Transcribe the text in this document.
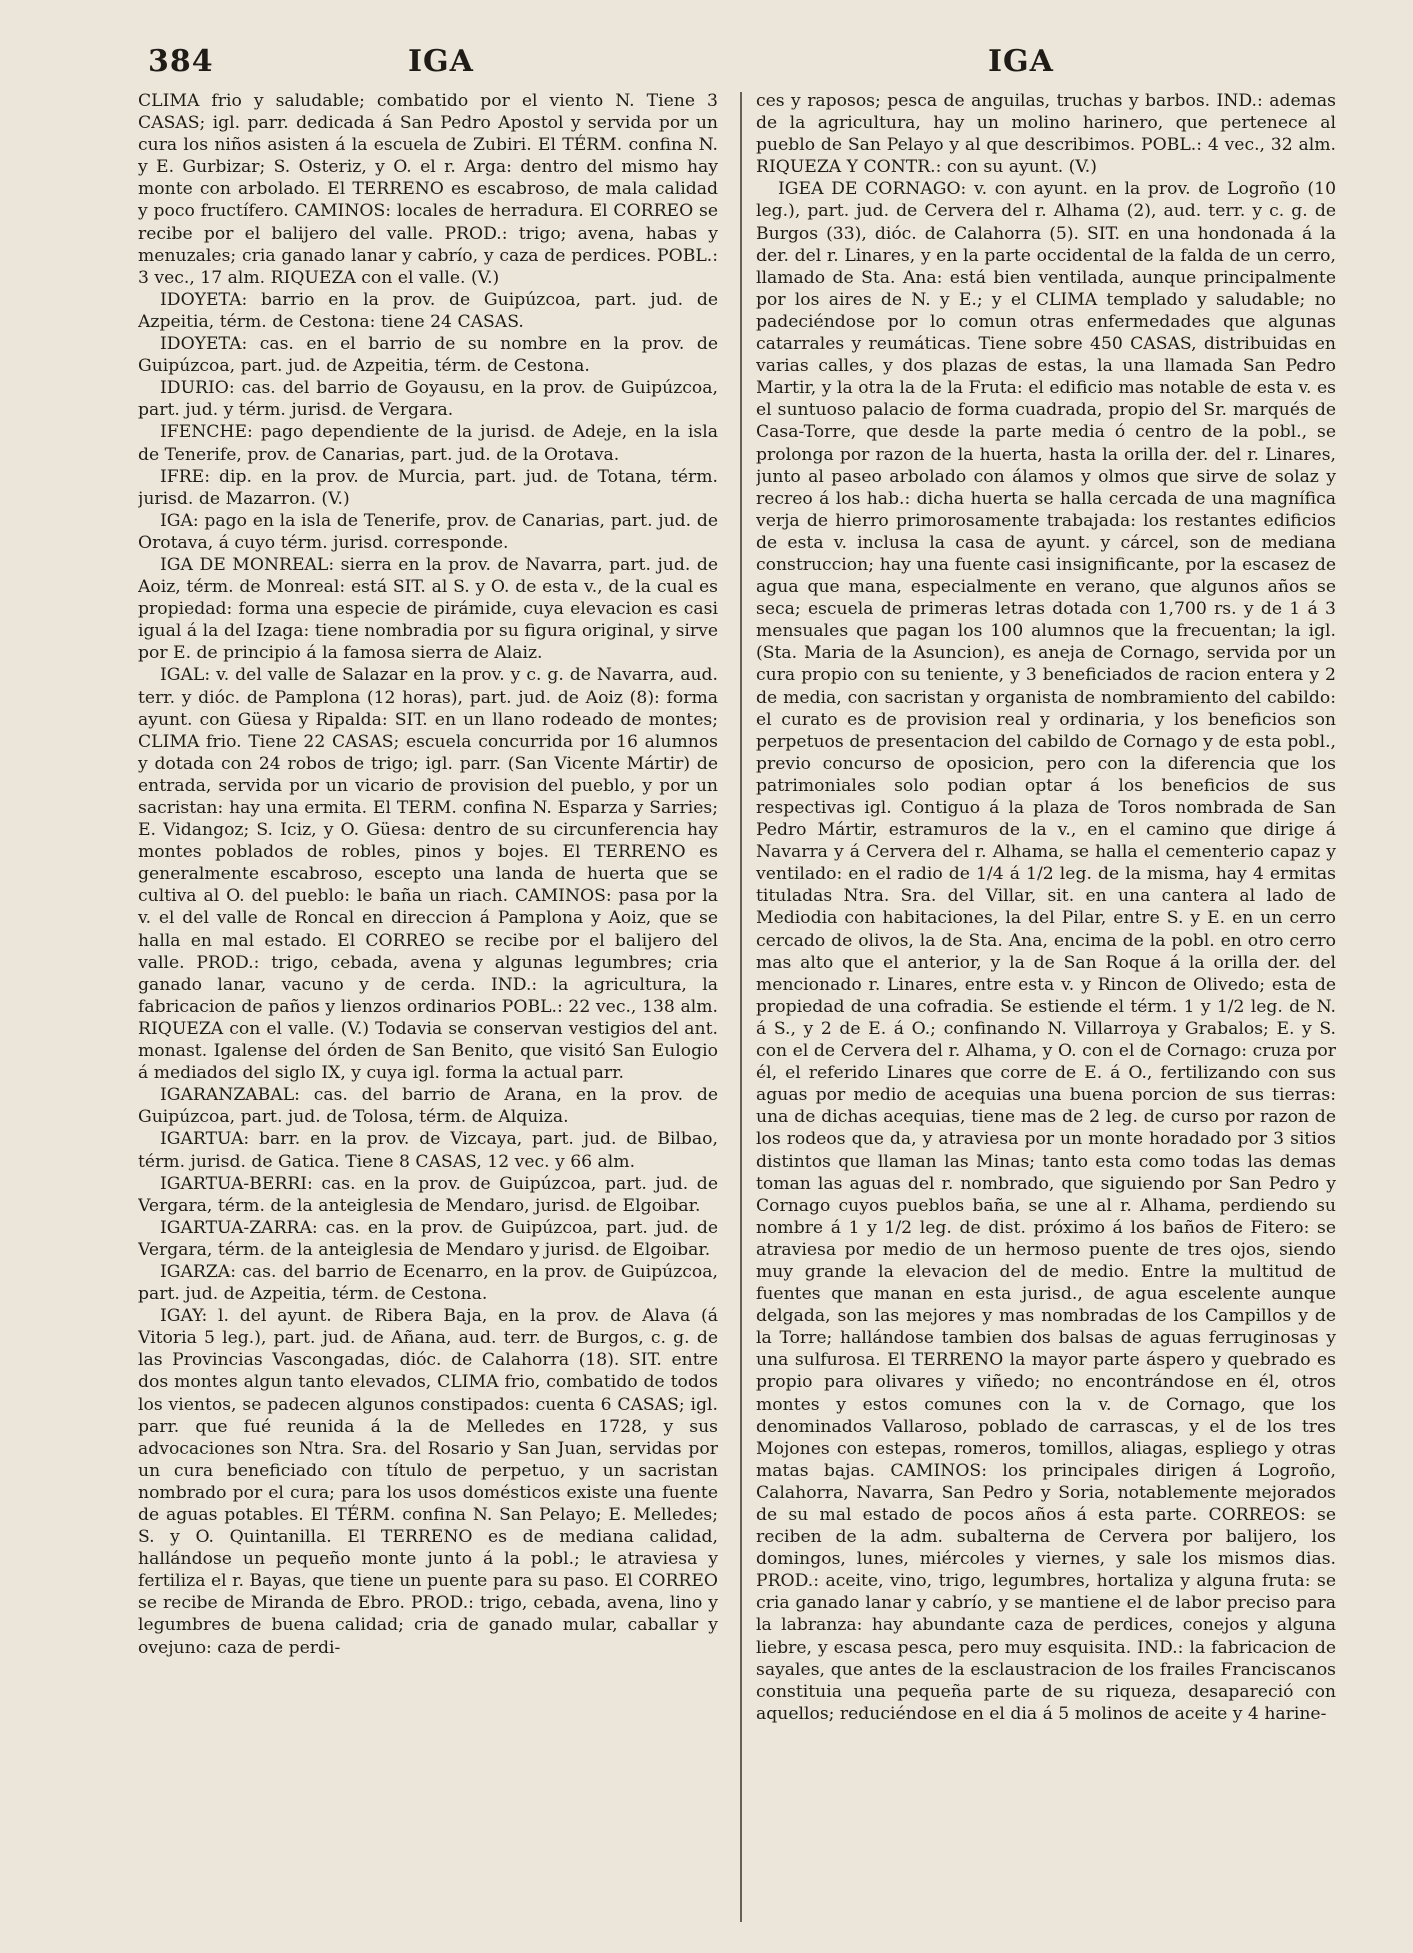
384	IGA	IGA

CLIMA frio y saludable; combatido por el viento N. Tiene 3 CASAS; igl. parr. dedicada á San Pedro Apostol y servida por un cura los niños asisten á la escuela de Zubiri. El TÉRM. confina N. y E. Gurbizar; S. Osteriz, y O. el r. Arga: dentro del mismo hay monte con arbolado. El TERRENO es escabroso, de mala calidad y poco fructífero. CAMINOS: locales de herradura. El CORREO se recibe por el balijero del valle. PROD.: trigo; avena, habas y menuzales; cria ganado lanar y cabrío, y caza de perdices. POBL.: 3 vec., 17 alm. RIQUEZA con el valle. (V.)

IDOYETA: barrio en la prov. de Guipúzcoa, part. jud. de Azpeitia, térm. de Cestona: tiene 24 CASAS.

IDOYETA: cas. en el barrio de su nombre en la prov. de Guipúzcoa, part. jud. de Azpeitia, térm. de Cestona.

IDURIO: cas. del barrio de Goyausu, en la prov. de Guipúzcoa, part. jud. y térm. jurisd. de Vergara.

IFENCHE: pago dependiente de la jurisd. de Adeje, en la isla de Tenerife, prov. de Canarias, part. jud. de la Orotava.

IFRE: dip. en la prov. de Murcia, part. jud. de Totana, térm. jurisd. de Mazarron. (V.)

IGA: pago en la isla de Tenerife, prov. de Canarias, part. jud. de Orotava, á cuyo térm. jurisd. corresponde.

IGA DE MONREAL: sierra en la prov. de Navarra, part. jud. de Aoiz, térm. de Monreal: está SIT. al S. y O. de esta v., de la cual es propiedad: forma una especie de pirámide, cuya elevacion es casi igual á la del Izaga: tiene nombradia por su figura original, y sirve por E. de principio á la famosa sierra de Alaiz.

IGAL: v. del valle de Salazar en la prov. y c. g. de Navarra, aud. terr. y dióc. de Pamplona (12 horas), part. jud. de Aoiz (8): forma ayunt. con Güesa y Ripalda: SIT. en un llano rodeado de montes; CLIMA frio. Tiene 22 CASAS; escuela concurrida por 16 alumnos y dotada con 24 robos de trigo; igl. parr. (San Vicente Mártir) de entrada, servida por un vicario de provision del pueblo, y por un sacristan: hay una ermita. El TERM. confina N. Esparza y Sarries; E. Vidangoz; S. Iciz, y O. Güesa: dentro de su circunferencia hay montes poblados de robles, pinos y bojes. El TERRENO es generalmente escabroso, escepto una landa de huerta que se cultiva al O. del pueblo: le baña un riach. CAMINOS: pasa por la v. el del valle de Roncal en direccion á Pamplona y Aoiz, que se halla en mal estado. El CORREO se recibe por el balijero del valle. PROD.: trigo, cebada, avena y algunas legumbres; cria ganado lanar, vacuno y de cerda. IND.: la agricultura, la fabricacion de paños y lienzos ordinarios POBL.: 22 vec., 138 alm. RIQUEZA con el valle. (V.) Todavia se conservan vestigios del ant. monast. Igalense del órden de San Benito, que visitó San Eulogio á mediados del siglo IX, y cuya igl. forma la actual parr.

IGARANZABAL: cas. del barrio de Arana, en la prov. de Guipúzcoa, part. jud. de Tolosa, térm. de Alquiza.

IGARTUA: barr. en la prov. de Vizcaya, part. jud. de Bilbao, térm. jurisd. de Gatica. Tiene 8 CASAS, 12 vec. y 66 alm.

IGARTUA-BERRI: cas. en la prov. de Guipúzcoa, part. jud. de Vergara, térm. de la anteiglesia de Mendaro, jurisd. de Elgoibar.

IGARTUA-ZARRA: cas. en la prov. de Guipúzcoa, part. jud. de Vergara, térm. de la anteiglesia de Mendaro y jurisd. de Elgoibar.

IGARZA: cas. del barrio de Ecenarro, en la prov. de Guipúzcoa, part. jud. de Azpeitia, térm. de Cestona.

IGAY: l. del ayunt. de Ribera Baja, en la prov. de Alava (á Vitoria 5 leg.), part. jud. de Añana, aud. terr. de Burgos, c. g. de las Provincias Vascongadas, dióc. de Calahorra (18). SIT. entre dos montes algun tanto elevados, CLIMA frio, combatido de todos los vientos, se padecen algunos constipados: cuenta 6 CASAS; igl. parr. que fué reunida á la de Melledes en 1728, y sus advocaciones son Ntra. Sra. del Rosario y San Juan, servidas por un cura beneficiado con título de perpetuo, y un sacristan nombrado por el cura; para los usos domésticos existe una fuente de aguas potables. El TÉRM. confina N. San Pelayo; E. Melledes; S. y O. Quintanilla. El TERRENO es de mediana calidad, hallándose un pequeño monte junto á la pobl.; le atraviesa y fertiliza el r. Bayas, que tiene un puente para su paso. El CORREO se recibe de Miranda de Ebro. PROD.: trigo, cebada, avena, lino y legumbres de buena calidad; cria de ganado mular, caballar y ovejuno: caza de perdi-

ces y raposos; pesca de anguilas, truchas y barbos. IND.: ademas de la agricultura, hay un molino harinero, que pertenece al pueblo de San Pelayo y al que describimos. POBL.: 4 vec., 32 alm. RIQUEZA Y CONTR.: con su ayunt. (V.)

IGEA DE CORNAGO: v. con ayunt. en la prov. de Logroño (10 leg.), part. jud. de Cervera del r. Alhama (2), aud. terr. y c. g. de Burgos (33), dióc. de Calahorra (5). SIT. en una hondonada á la der. del r. Linares, y en la parte occidental de la falda de un cerro, llamado de Sta. Ana: está bien ventilada, aunque principalmente por los aires de N. y E.; y el CLIMA templado y saludable; no padeciéndose por lo comun otras enfermedades que algunas catarrales y reumáticas. Tiene sobre 450 CASAS, distribuidas en varias calles, y dos plazas de estas, la una llamada San Pedro Martir, y la otra la de la Fruta: el edificio mas notable de esta v. es el suntuoso palacio de forma cuadrada, propio del Sr. marqués de Casa-Torre, que desde la parte media ó centro de la pobl., se prolonga por razon de la huerta, hasta la orilla der. del r. Linares, junto al paseo arbolado con álamos y olmos que sirve de solaz y recreo á los hab.: dicha huerta se halla cercada de una magnífica verja de hierro primorosamente trabajada: los restantes edificios de esta v. inclusa la casa de ayunt. y cárcel, son de mediana construccion; hay una fuente casi insignificante, por la escasez de agua que mana, especialmente en verano, que algunos años se seca; escuela de primeras letras dotada con 1,700 rs. y de 1 á 3 mensuales que pagan los 100 alumnos que la frecuentan; la igl. (Sta. Maria de la Asuncion), es aneja de Cornago, servida por un cura propio con su teniente, y 3 beneficiados de racion entera y 2 de media, con sacristan y organista de nombramiento del cabildo: el curato es de provision real y ordinaria, y los beneficios son perpetuos de presentacion del cabildo de Cornago y de esta pobl., previo concurso de oposicion, pero con la diferencia que los patrimoniales solo podian optar á los beneficios de sus respectivas igl. Contiguo á la plaza de Toros nombrada de San Pedro Mártir, estramuros de la v., en el camino que dirige á Navarra y á Cervera del r. Alhama, se halla el cementerio capaz y ventilado: en el radio de 1/4 á 1/2 leg. de la misma, hay 4 ermitas tituladas Ntra. Sra. del Villar, sit. en una cantera al lado de Mediodia con habitaciones, la del Pilar, entre S. y E. en un cerro cercado de olivos, la de Sta. Ana, encima de la pobl. en otro cerro mas alto que el anterior, y la de San Roque á la orilla der. del mencionado r. Linares, entre esta v. y Rincon de Olivedo; esta de propiedad de una cofradia. Se estiende el térm. 1 y 1/2 leg. de N. á S., y 2 de E. á O.; confinando N. Villarroya y Grabalos; E. y S. con el de Cervera del r. Alhama, y O. con el de Cornago: cruza por él, el referido Linares que corre de E. á O., fertilizando con sus aguas por medio de acequias una buena porcion de sus tierras: una de dichas acequias, tiene mas de 2 leg. de curso por razon de los rodeos que da, y atraviesa por un monte horadado por 3 sitios distintos que llaman las Minas; tanto esta como todas las demas toman las aguas del r. nombrado, que siguiendo por San Pedro y Cornago cuyos pueblos baña, se une al r. Alhama, perdiendo su nombre á 1 y 1/2 leg. de dist. próximo á los baños de Fitero: se atraviesa por medio de un hermoso puente de tres ojos, siendo muy grande la elevacion del de medio. Entre la multitud de fuentes que manan en esta jurisd., de agua escelente aunque delgada, son las mejores y mas nombradas de los Campillos y de la Torre; hallándose tambien dos balsas de aguas ferruginosas y una sulfurosa. El TERRENO la mayor parte áspero y quebrado es propio para olivares y viñedo; no encontrándose en él, otros montes y estos comunes con la v. de Cornago, que los denominados Vallaroso, poblado de carrascas, y el de los tres Mojones con estepas, romeros, tomillos, aliagas, espliego y otras matas bajas. CAMINOS: los principales dirigen á Logroño, Calahorra, Navarra, San Pedro y Soria, notablemente mejorados de su mal estado de pocos años á esta parte. CORREOS: se reciben de la adm. subalterna de Cervera por balijero, los domingos, lunes, miércoles y viernes, y sale los mismos dias. PROD.: aceite, vino, trigo, legumbres, hortaliza y alguna fruta: se cria ganado lanar y cabrío, y se mantiene el de labor preciso para la labranza: hay abundante caza de perdices, conejos y alguna liebre, y escasa pesca, pero muy esquisita. IND.: la fabricacion de sayales, que antes de la esclaustracion de los frailes Franciscanos constituia una pequeña parte de su riqueza, desapareció con aquellos; reduciéndose en el dia á 5 molinos de aceite y 4 harine-
